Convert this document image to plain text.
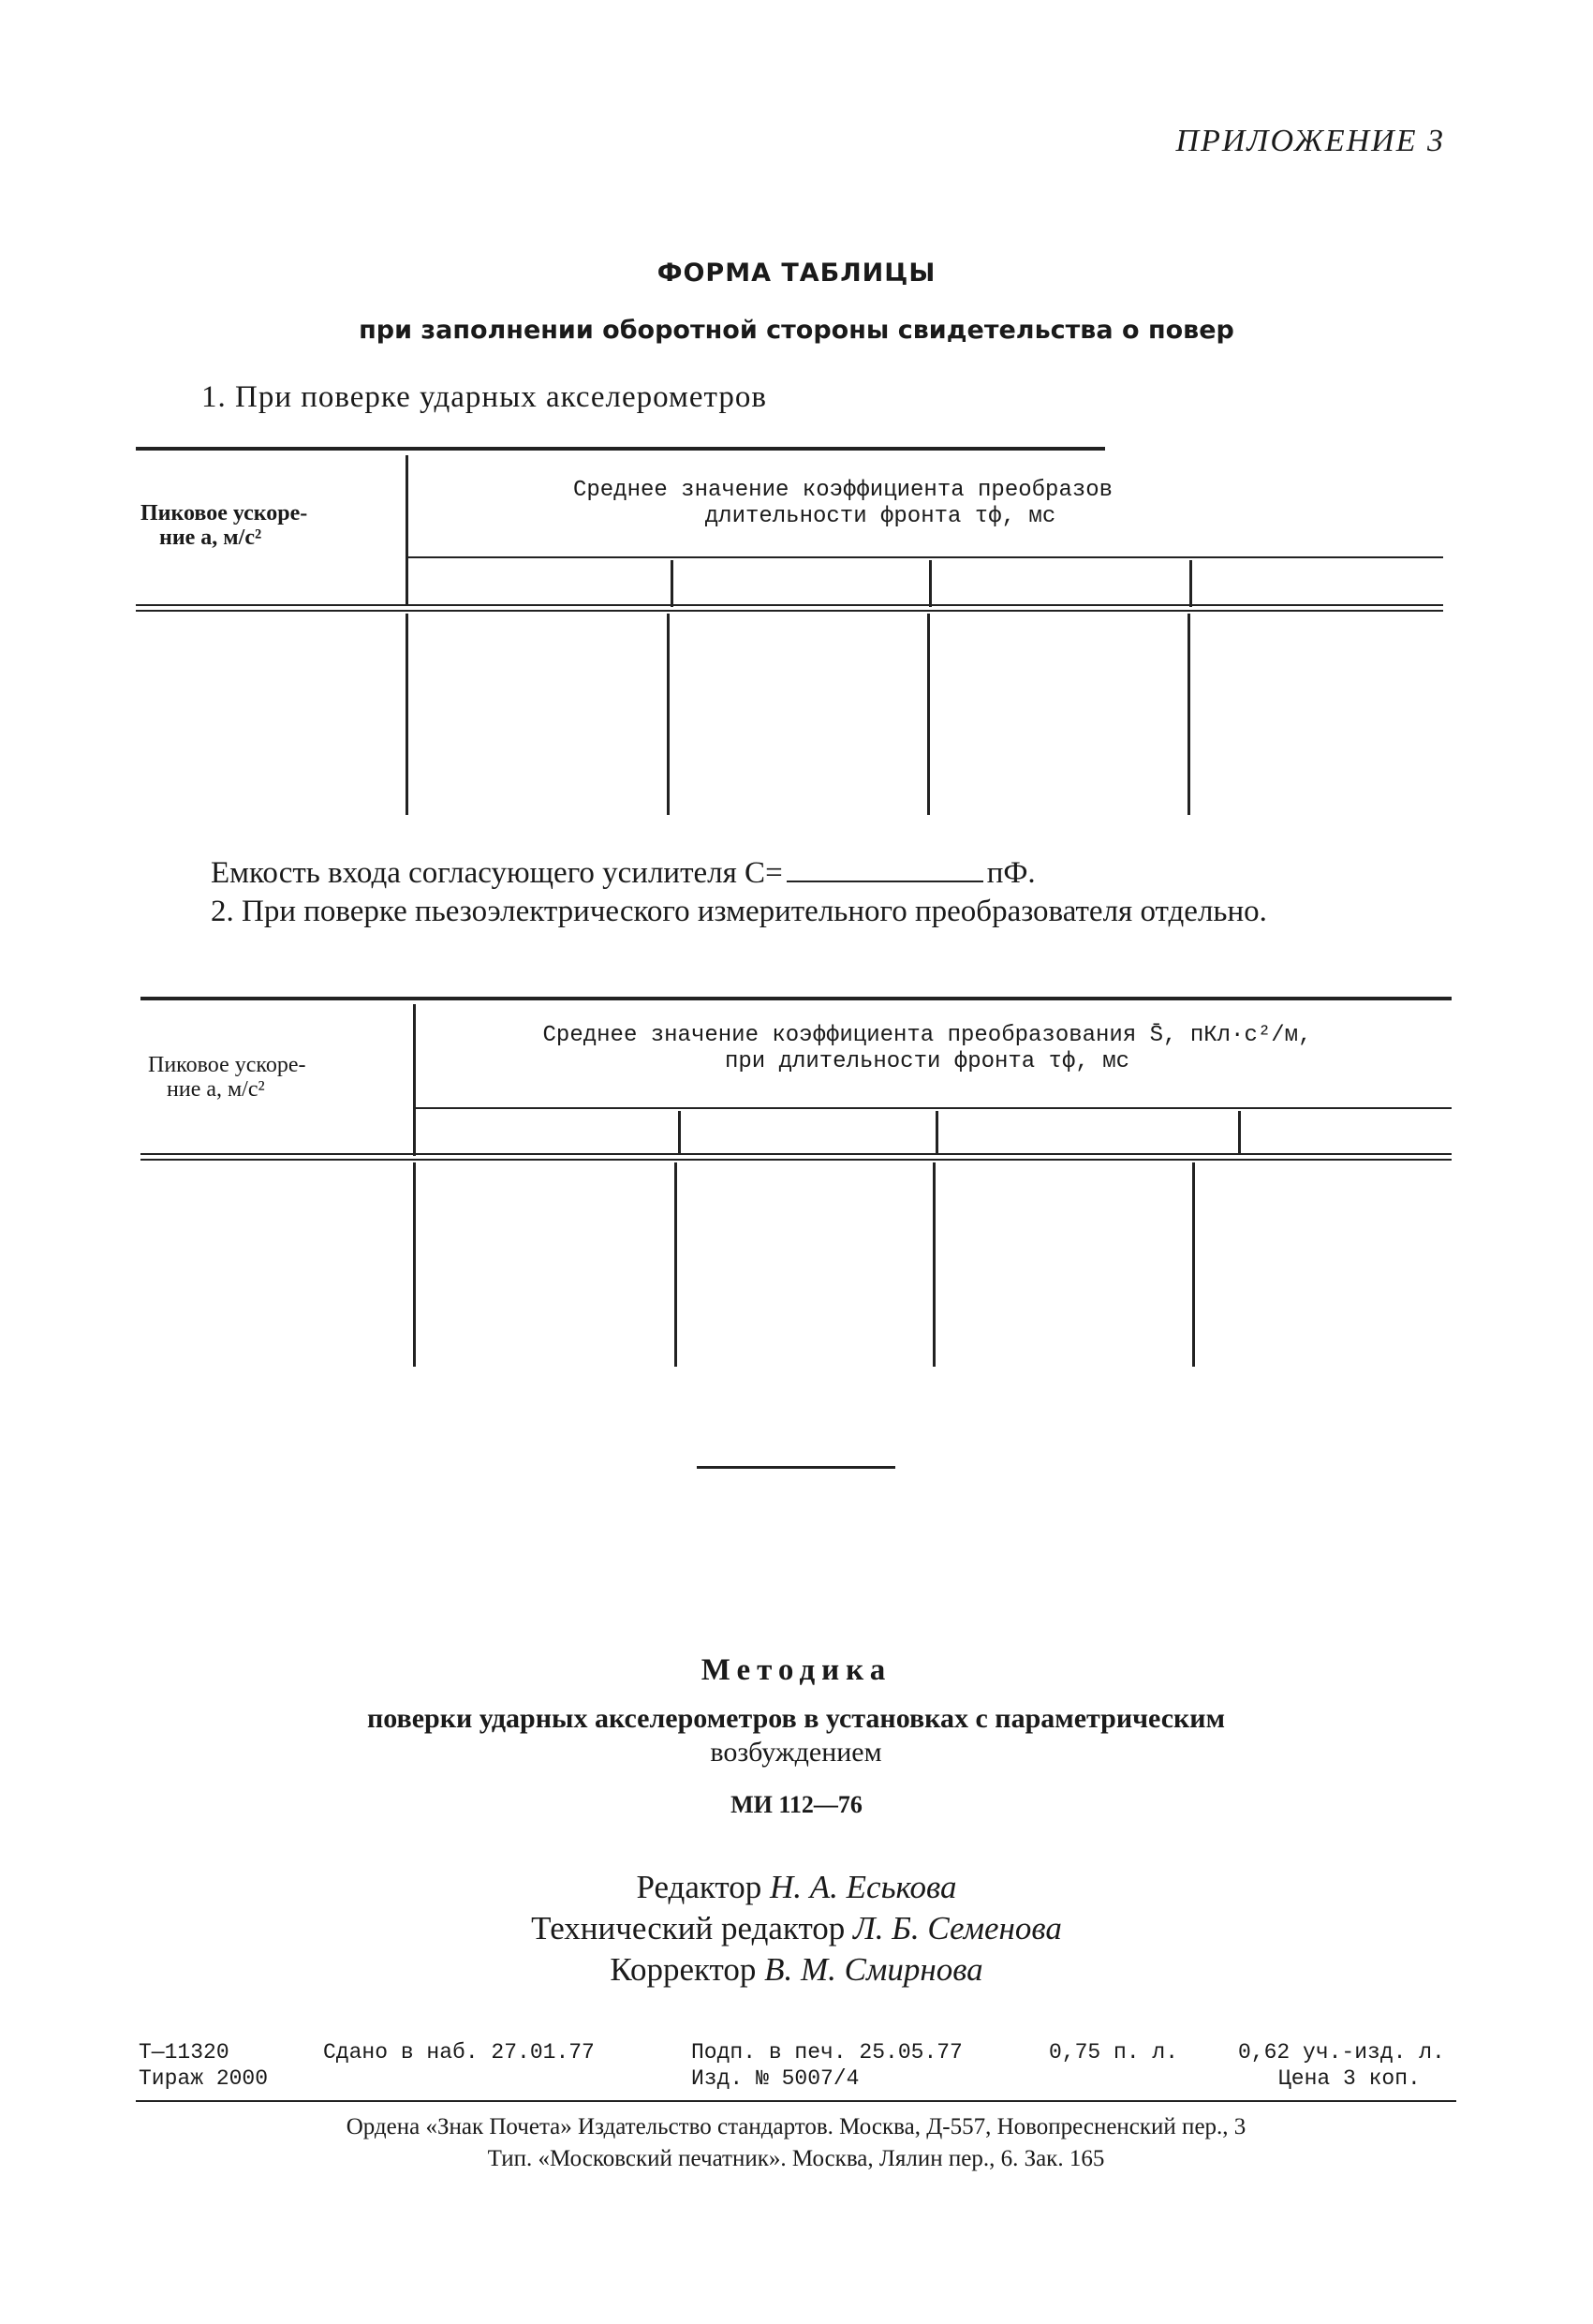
ПРИЛОЖЕНИЕ 3
ФОРМА ТАБЛИЦЫ
при заполнении оборотной стороны свидетельства о повер
1. При поверке ударных акселерометров
Пиковое ускоре-
ние a, м/с²
Среднее значение коэффициента преобразов
длительности фронта τф, мс
Емкость входа согласующего усилителя C=	пФ.
2. При поверке пьезоэлектрического измерительного преобразователя отдельно.
Пиковое ускоре-
ние a, м/с²
Среднее значение коэффициента преобразования S̄, пКл·с²/м,
при длительности фронта τф, мс
Методика
поверки ударных акселерометров в установках с параметрическим
возбуждением
МИ 112—76
Редактор Н. А. Еськова
Технический редактор Л. Б. Семенова
Корректор В. М. Смирнова
Т—11320	Сдано в наб. 27.01.77	Подп. в печ. 25.05.77	0,75 п. л.	0,62 уч.-изд. л.
Тираж 2000	Изд. № 5007/4	Цена 3 коп.
Ордена «Знак Почета» Издательство стандартов. Москва, Д-557, Новопресненский пер., 3
Тип. «Московский печатник». Москва, Лялин пер., 6. Зак. 165
